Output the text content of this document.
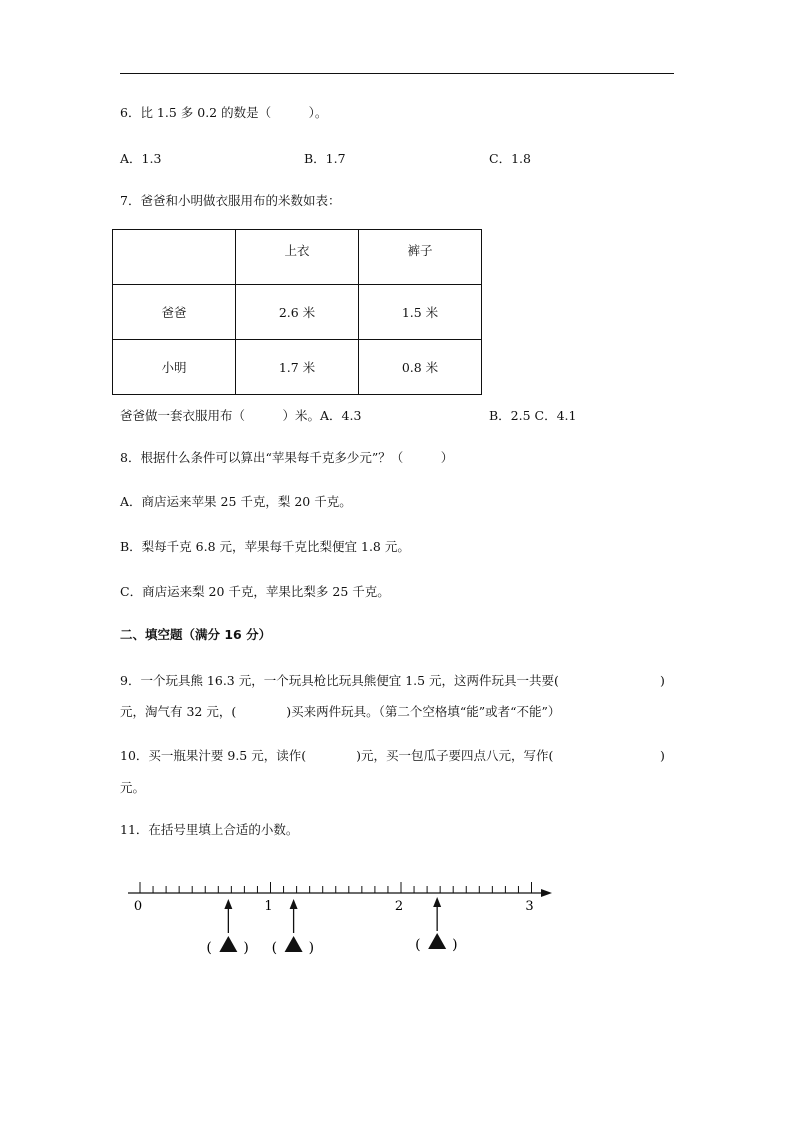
6．比 1.5 多 0.2 的数是（　　　）。
A．1.3	B．1.7	C．1.8
7．爸爸和小明做衣服用布的米数如表：
	上衣	裤子
爸爸	2.6 米	1.5 米
小明	1.7 米	0.8 米
爸爸做一套衣服用布（　　　）米。A．4.3	B．2.5 C．4.1
8．根据什么条件可以算出“苹果每千克多少元”？（　　　）
A．商店运来苹果 25 千克，梨 20 千克。
B．梨每千克 6.8 元，苹果每千克比梨便宜 1.8 元。
C．商店运来梨 20 千克，苹果比梨多 25 千克。
二、填空题（满分 16 分）
9．一个玩具熊 16.3 元，一个玩具枪比玩具熊便宜 1.5 元，这两件玩具一共要(	)
元，淘气有 32 元，(　　　　)买来两件玩具。（第二个空格填“能”或者“不能”）
10．买一瓶果汁要 9.5 元，读作(　　　　)元，买一包瓜子要四点八元，写作(	)
元。
11．在括号里填上合适的小数。
0	1	2	3
( ) ( )	( )
